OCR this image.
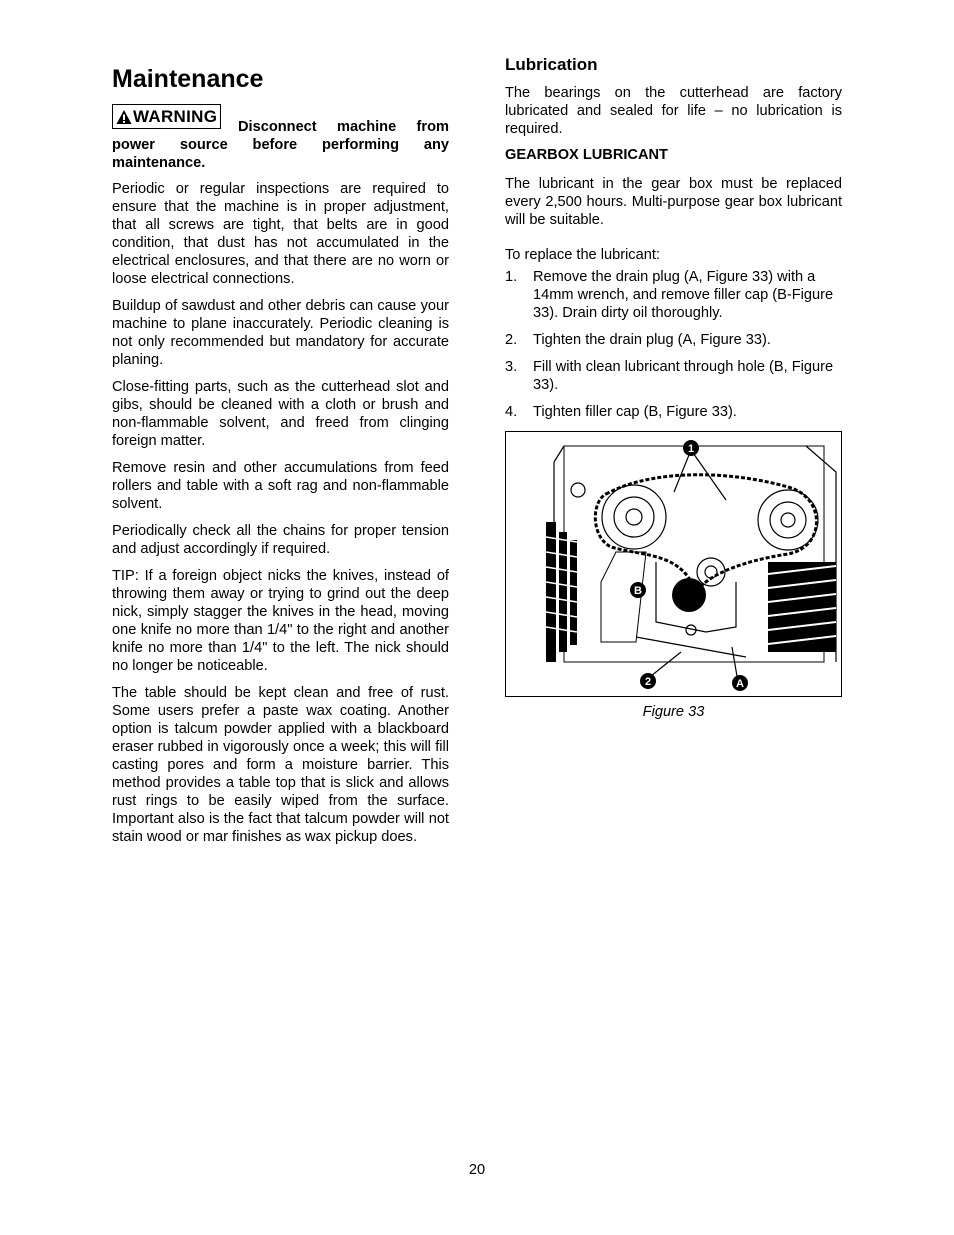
Maintenance
WARNING
Disconnect machine from power source before performing any maintenance.

Periodic or regular inspections are required to ensure that the machine is in proper adjustment, that all screws are tight, that belts are in good condition, that dust has not accumulated in the electrical enclosures, and that there are no worn or loose electrical connections.

Buildup of sawdust and other debris can cause your machine to plane inaccurately. Periodic cleaning is not only recommended but mandatory for accurate planing.

Close-fitting parts, such as the cutterhead slot and gibs, should be cleaned with a cloth or brush and non-flammable solvent, and freed from clinging foreign matter.

Remove resin and other accumulations from feed rollers and table with a soft rag and non-flammable solvent.

Periodically check all the chains for proper tension and adjust accordingly if required.

TIP: If a foreign object nicks the knives, instead of throwing them away or trying to grind out the deep nick, simply stagger the knives in the head, moving one knife no more than 1/4" to the right and another knife no more than 1/4" to the left. The nick should no longer be noticeable.

The table should be kept clean and free of rust. Some users prefer a paste wax coating. Another option is talcum powder applied with a blackboard eraser rubbed in vigorously once a week; this will fill casting pores and form a moisture barrier. This method provides a table top that is slick and allows rust rings to be easily wiped from the surface. Important also is the fact that talcum powder will not stain wood or mar finishes as wax pickup does.

Lubrication

The bearings on the cutterhead are factory lubricated and sealed for life – no lubrication is required.

GEARBOX LUBRICANT

The lubricant in the gear box must be replaced every 2,500 hours. Multi-purpose gear box lubricant will be suitable.

To replace the lubricant:

1. Remove the drain plug (A, Figure 33) with a 14mm wrench, and remove filler cap (B-Figure 33). Drain dirty oil thoroughly.
2. Tighten the drain plug (A, Figure 33).
3. Fill with clean lubricant through hole (B, Figure 33).
4. Tighten filler cap (B, Figure 33).
1
B
2	A
Figure 33
20
